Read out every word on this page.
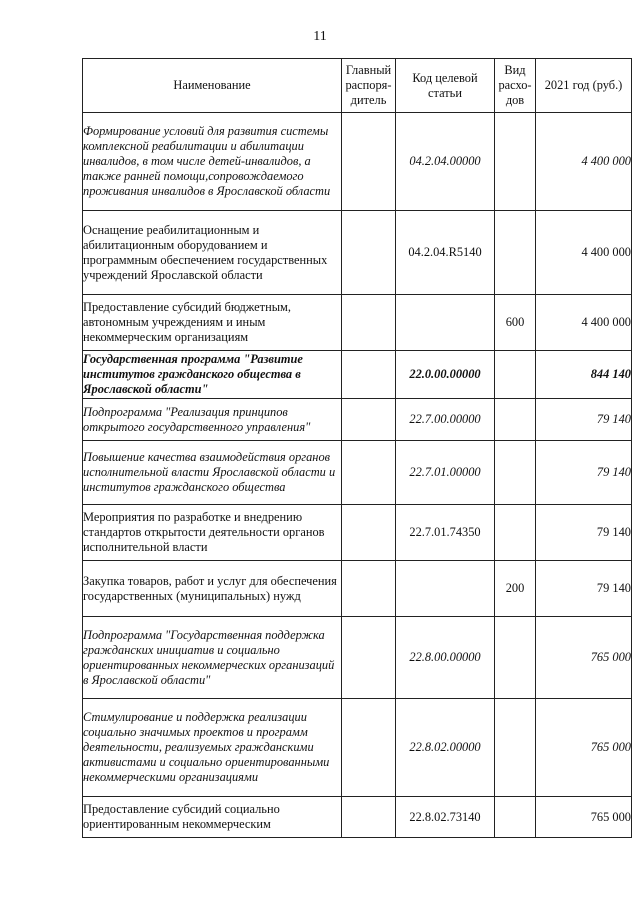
11
Наименование	Главный распоря- дитель	Код целевой статьи	Вид расхо- дов	2021 год (руб.)
Формирование условий для развития системы комплексной реабилитации и абилитации инвалидов, в том числе детей-инвалидов, а также ранней помощи,сопровождаемого проживания инвалидов в Ярославской области		04.2.04.00000		4 400 000
Оснащение реабилитационным и абилитационным оборудованием и программным обеспечением государственных учреждений Ярославской области		04.2.04.R5140		4 400 000
Предоставление субсидий бюджетным, автономным учреждениям и иным некоммерческим организациям			600	4 400 000
Государственная программа "Развитие институтов гражданского общества в Ярославской области"		22.0.00.00000		844 140
Подпрограмма "Реализация принципов открытого государственного управления"		22.7.00.00000		79 140
Повышение качества взаимодействия органов исполнительной власти Ярославской области и институтов гражданского общества		22.7.01.00000		79 140
Мероприятия по разработке и внедрению стандартов открытости деятельности органов исполнительной власти		22.7.01.74350		79 140
Закупка товаров, работ и услуг для обеспечения государственных (муниципальных) нужд			200	79 140
Подпрограмма "Государственная поддержка гражданских инициатив и социально ориентированных некоммерческих организаций в Ярославской области"		22.8.00.00000		765 000
Стимулирование и поддержка реализации социально значимых проектов и программ деятельности, реализуемых гражданскими активистами и социально ориентированными некоммерческими организациями		22.8.02.00000		765 000
Предоставление субсидий социально ориентированным некоммерческим		22.8.02.73140		765 000
